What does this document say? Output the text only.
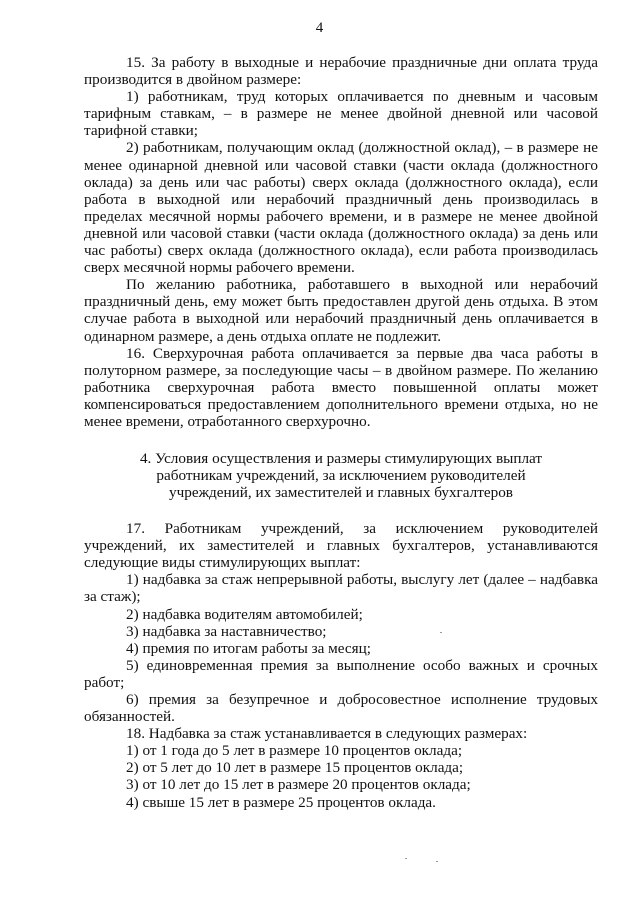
4

15. За работу в выходные и нерабочие праздничные дни оплата труда производится в двойном размере:

1) работникам, труд которых оплачивается по дневным и часовым тарифным ставкам, – в размере не менее двойной дневной или часовой тарифной ставки;

2) работникам, получающим оклад (должностной оклад), – в размере не менее одинарной дневной или часовой ставки (части оклада (должностного оклада) за день или час работы) сверх оклада (должностного оклада), если работа в выходной или нерабочий праздничный день производилась в пределах месячной нормы рабочего времени, и в размере не менее двойной дневной или часовой ставки (части оклада (должностного оклада) за день или час работы) сверх оклада (должностного оклада), если работа производилась сверх месячной нормы рабочего времени.

По желанию работника, работавшего в выходной или нерабочий праздничный день, ему может быть предоставлен другой день отдыха. В этом случае работа в выходной или нерабочий праздничный день оплачивается в одинарном размере, а день отдыха оплате не подлежит.

16. Сверхурочная работа оплачивается за первые два часа работы в полуторном размере, за последующие часы – в двойном размере. По желанию работника сверхурочная работа вместо повышенной оплаты может компенсироваться предоставлением дополнительного времени отдыха, но не менее времени, отработанного сверхурочно.

4. Условия осуществления и размеры стимулирующих выплат
работникам учреждений, за исключением руководителей
учреждений, их заместителей и главных бухгалтеров

17. Работникам учреждений, за исключением руководителей учреждений, их заместителей и главных бухгалтеров, устанавливаются следующие виды стимулирующих выплат:

1) надбавка за стаж непрерывной работы, выслугу лет (далее – надбавка за стаж);

2) надбавка водителям автомобилей;

3) надбавка за наставничество;

4) премия по итогам работы за месяц;

5) единовременная премия за выполнение особо важных и срочных работ;

6) премия за безупречное и добросовестное исполнение трудовых обязанностей.

18. Надбавка за стаж устанавливается в следующих размерах:

1) от 1 года до 5 лет в размере 10 процентов оклада;

2) от 5 лет до 10 лет в размере 15 процентов оклада;

3) от 10 лет до 15 лет в размере 20 процентов оклада;

4) свыше 15 лет в размере 25 процентов оклада.
